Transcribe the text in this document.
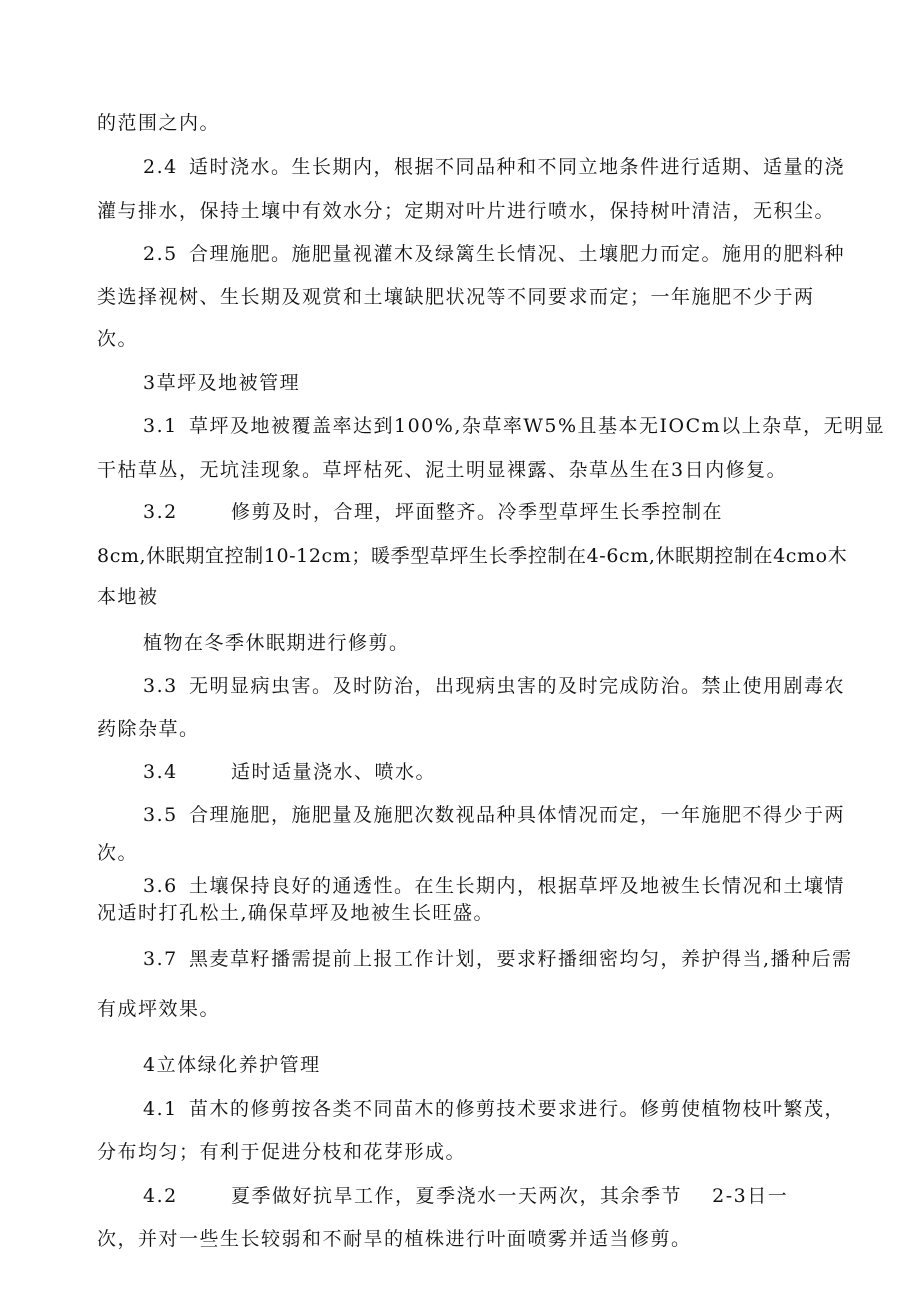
的范围之内。
2.4 适时浇水。生长期内，根据不同品种和不同立地条件进行适期、适量的浇
灌与排水，保持土壤中有效水分；定期对叶片进行喷水，保持树叶清洁，无积尘。
2.5 合理施肥。施肥量视灌木及绿篱生长情况、土壤肥力而定。施用的肥料种
类选择视树、生长期及观赏和土壤缺肥状况等不同要求而定；一年施肥不少于两
次。
3草坪及地被管理
3.1 草坪及地被覆盖率达到100%,杂草率W5%且基本无IOCm以上杂草，无明显
干枯草丛，无坑洼现象。草坪枯死、泥土明显裸露、杂草丛生在3日内修复。
3.2	修剪及时，合理，坪面整齐。冷季型草坪生长季控制在
8cm,休眠期宜控制10-12cm；暖季型草坪生长季控制在4-6cm,休眠期控制在4cmo木
本地被
植物在冬季休眠期进行修剪。
3.3 无明显病虫害。及时防治，出现病虫害的及时完成防治。禁止使用剧毒农
药除杂草。
3.4	适时适量浇水、喷水。
3.5 合理施肥，施肥量及施肥次数视品种具体情况而定，一年施肥不得少于两
次。
3.6 土壤保持良好的通透性。在生长期内，根据草坪及地被生长情况和土壤情
况适时打孔松土,确保草坪及地被生长旺盛。
3.7 黑麦草籽播需提前上报工作计划，要求籽播细密均匀，养护得当,播种后需
有成坪效果。
4立体绿化养护管理
4.1 苗木的修剪按各类不同苗木的修剪技术要求进行。修剪使植物枝叶繁茂，
分布均匀；有利于促进分枝和花芽形成。
4.2	夏季做好抗旱工作，夏季浇水一天两次，其余季节    2-3日一
次，并对一些生长较弱和不耐旱的植株进行叶面喷雾并适当修剪。
